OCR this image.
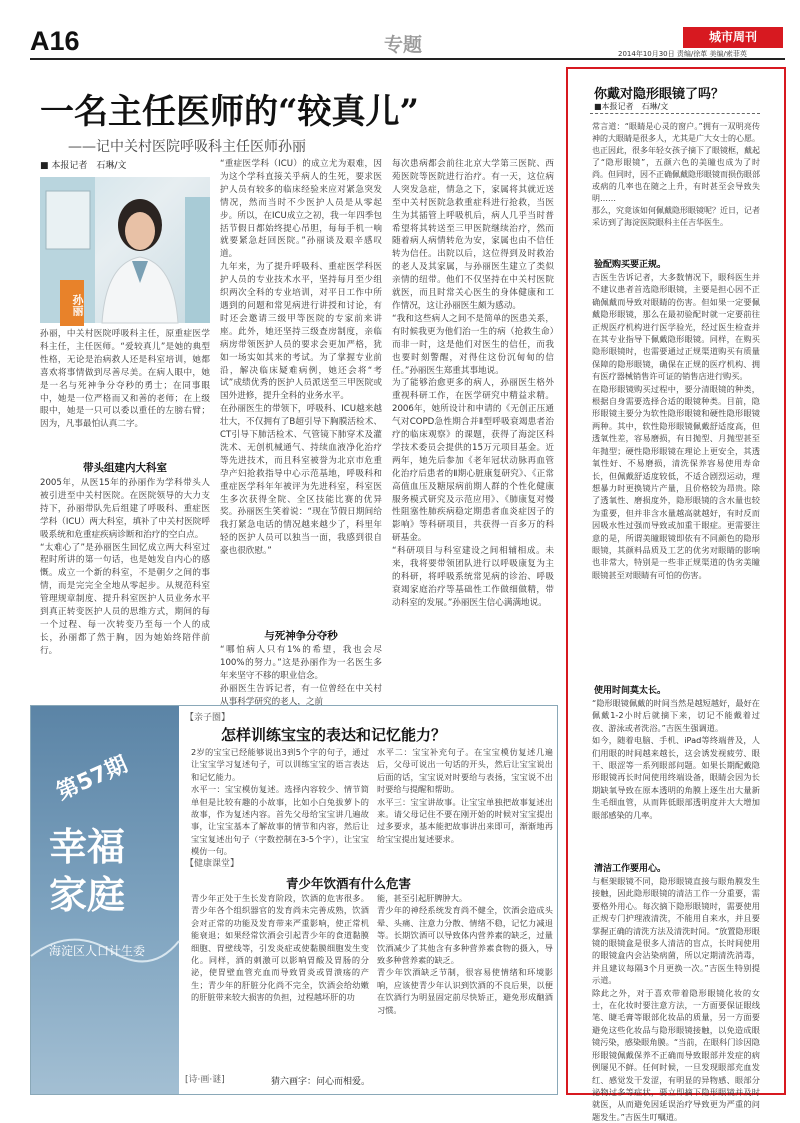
A16	专题	城市周刊
2014年10月30日 责编/徐革 美编/索菲英
一名主任医师的“较真儿”
——记中关村医院呼吸科主任医师孙丽
■ 本报记者　石琳/文
孙丽
孙丽，中关村医院呼吸科主任，原重症医学科主任，主任医师。“爱较真儿”是她的典型性格，无论是治病救人还是科室培训，她都喜欢将事情做到尽善尽美。在病人眼中，她是一名与死神争分夺秒的勇士；在同事眼中，她是一位严格而又和善的老师；在上级眼中，她是一只可以委以重任的左膀右臂；因为，凡事最怕认真二字。
带头组建内大科室
2005年，从医15年的孙丽作为学科带头人被引进至中关村医院。在医院领导的大力支持下，孙丽带队先后组建了呼吸科、重症医学科（ICU）两大科室，填补了中关村医院呼吸系统和危重症疾病诊断和治疗的空白点。
“太难心了”是孙丽医生回忆成立两大科室过程时所讲的第一句话，也是她发自内心的感慨。成立一个新的科室，不是朝夕之间的事情，而是完完全全地从零起步。从规范科室管理规章制度、提升科室医护人员业务水平到真正转变医护人员的思维方式，期间的每一个过程、每一次转变乃至每一个人的成长，孙丽都了然于胸，因为她始终陪伴前行。
“重症医学科（ICU）的成立尤为艰难，因为这个学科直接关乎病人的生死，要求医护人员有较多的临床经验来应对紧急突发情况，然而当时不少医护人员是从零起步。所以，在ICU成立之初，我一年四季包括节假日都始终提心吊胆，每每手机一响就要紧急赶回医院。”孙丽谈及艰辛感叹道。
九年来，为了提升呼吸科、重症医学科医护人员的专业技术水平，坚持每月至少组织两次全科的专业培训，对平日工作中所遇到的问题和常见病进行讲授和讨论，有时还会邀请三级甲等医院的专家前来讲座。此外，她还坚持三级查房制度，亲临病房带领医护人员的要求会更加严格，犹如一场实如其来的考试。为了掌握专业前沿，解决临床疑难病例，她还会将“考试”成绩优秀的医护人员派送至三甲医院或国外进修，提升全科的业务水平。
在孙丽医生的带领下，呼吸科、ICU越来越壮大，不仅拥有了B超引导下胸膜活检术、CT引导下肺活检术、气管镜下肺穿术及灌洗术、无创机械通气、持续血液净化治疗等先进技术，而且科室被誉为北京市危重孕产妇抢救指导中心示范基地，呼吸科和重症医学科年年被评为先进科室，科室医生多次获得全院、全区技能比赛的优异奖。孙丽医生笑着说：“现在节假日期间给我打紧急电话的情况越来越少了，科里年轻的医护人员可以独当一面，我感到很自豪也很欣慰。”
与死神争分夺秒
“哪怕病人只有1%的希望，我也会尽100%的努力。”这是孙丽作为一名医生多年来坚守不移的职业信念。
孙丽医生告诉记者，有一位曾经在中关村从事科学研究的老人，之前
每次患病都会前往北京大学第三医院、西苑医院等医院进行治疗。有一天，这位病人突发急症，情急之下，家属将其就近送至中关村医院急救重症科进行抢救，当医生为其插管上呼吸机后，病人几乎当时普希望将其转送至三甲医院继续治疗，然而随着病人病情转危为安，家属也由不信任转为信任。出院以后，这位得到及时救治的老人及其家属，与孙丽医生建立了类似亲情的纽带。他们不仅坚持在中关村医院就医，而且时常关心医生的身体健康和工作情况，这让孙丽医生颇为感动。
“我和这些病人之间不是简单的医患关系，有时候我更为他们治一生的病（抢救生命）而非一时，这是他们对医生的信任，而我也要时刻警醒，对得住这份沉甸甸的信任。”孙丽医生郑重其事地说。
为了能够治愈更多的病人，孙丽医生格外重视科研工作，在医学研究中精益求精。2006年，她所设计和申请的《无创正压通气对COPD急性期合并Ⅱ型呼吸衰竭患者治疗的临床观察》的课题，获得了海淀区科学技术委员会提供的15万元项目基金。近两年，她先后参加《老年冠状动脉再血管化治疗后患者的Ⅱ期心脏康复研究》、《正常高值血压及糖尿病前期人群的个性化健康服务模式研究及示范应用》、《肺康复对慢性阻塞性肺疾病稳定期患者血炎症因子的影响》等科研项目，共获得一百多万的科研基金。
“科研项目与科室建设之间相辅相成。未来，我将要带领团队进行以呼吸康复为主的科研，将呼吸系统常见病的诊治、呼吸衰竭家庭治疗等基础性工作做细做精，带动科室的发展。”孙丽医生信心满满地说。
第57期
幸福
家庭
海淀区人口计生委
【亲子圈】
怎样训练宝宝的表达和记忆能力？
2岁的宝宝已经能够说出3到5个字的句子，通过让宝宝学习复述句子，可以训练宝宝的语言表达和记忆能力。
水平一：宝宝模仿复述。选择内容较少、情节简单但是比较有趣的小故事，比如小白兔拔萝卜的故事，作为复述内容。首先父母给宝宝讲几遍故事，让宝宝基本了解故事的情节和内容，然后让宝宝复述出句子（字数控制在3-5个字），让宝宝模仿一句。
水平二：宝宝补充句子。在宝宝模仿复述几遍后，父母可说出一句话的开头，然后让宝宝说出后面的话，宝宝说对时要给与表扬，宝宝说不出时要给与提醒和帮助。
水平三：宝宝讲故事。让宝宝单独把故事复述出来。请父母记住不要在刚开始的时候对宝宝提出过多要求，基本能把故事讲出来即可，渐渐地再给宝宝提出复述要求。
【健康课堂】
青少年饮酒有什么危害
青少年正处于生长发育阶段，饮酒的危害很多。青少年各个组织器官的发育尚未完善成熟，饮酒会对正常的功能及发育带来严重影响，使正常机能衰退；如果经常饮酒会引起青少年的食道黏膜细胞、胃壁线等，引发炎症或使黏膜细胞发生变化。同样，酒的刺激可以影响胃酸及胃肠的分泌，使胃壁血管充血而导致胃炎或胃溃疡的产生；青少年的肝脏分化尚不完全，饮酒会给幼嫩的肝脏带来较大损害的负担，过程越坏肝的功
能，甚至引起肝脾肿大。
青少年的神经系统发育尚不健全，饮酒会造成头晕、头痛、注意力分散、情绪不稳，记忆力减退等。长期饮酒可以导致体内营养素的缺乏，过量饮酒减少了其他含有多种营养素食物的摄入，导致多种营养素的缺乏。
青少年饮酒缺乏节制，很容易使情绪和环境影响，应该使青少年认识到饮酒的不良后果，以便在饮酒行为明显固定前尽快矫正，避免形成酗酒习惯。
[诗·画·谜]	猜六画字：问心而相爱。
你戴对隐形眼镜了吗？
■本报记者　石琳/文
常言道：“眼睛是心灵的窗户。”拥有一双明亮传神的大眼睛是很多人，尤其是广大女士的心愿。也正因此，很多年轻女孩子摘下了眼镜框，戴起了“隐形眼镜”，五颜六色的美瞳也成为了时尚。但同时，因不正确佩戴隐形眼镜而损伤眼部或病的几率也在随之上升，有时甚至会导致失明……
那么，究竟该如何佩戴隐形眼镜呢？近日，记者采访到了海淀医院眼科主任吉华医生。
验配购买要正规。
吉医生告诉记者，大多数情况下，眼科医生并不建议患者首选隐形眼镜，主要是担心因不正确佩戴而导致对眼睛的伤害。但如果一定要佩戴隐形眼镜，那么在最初验配时就一定要前往正规医疗机构进行医学验光，经过医生检查并在其专业指导下佩戴隐形眼镜。同样，在购买隐形眼镜时，也需要通过正规渠道购买有质量保障的隐形眼镜，确保在正规的医疗机构、拥有医疗器械销售许可证的销售店进行购买。
在隐形眼镜购买过程中，要分清眼镜的种类，根据自身需要选择合适的眼镜种类。目前，隐形眼镜主要分为软性隐形眼镜和硬性隐形眼镜两种。其中，软性隐形眼镜佩戴舒适度高，但透氧性差，容易磨损，有日抛型、月抛型甚至年抛型；硬性隐形眼镜在理论上更安全，其透氧性好、不易磨损，清洗保养容易使用寿命长，但佩戴舒适度较低，不适合剧烈运动，理想暴力时更换镜片产量，且价格较为昂贵。除了透氧性、磨损度外，隐形眼镜的含水量也较为重要，但并非含水量越高就越好，有时反而因吸水性过强而导致或加重干眼症。更需要注意的是，所谓美瞳眼镜即依有不同颜色的隐形眼镜，其颜料品质及工艺的优劣对眼睛的影响也非常大，特别是一些非正规渠道的伪劣美瞳眼镜甚至对眼睛有可怕的伤害。
使用时间莫太长。
“隐形眼镜佩戴的时间当然是越短越好，最好在佩戴1-2小时后就摘下来，切记不能戴着过夜、游泳或者洗浴。”吉医生强调道。
如今，随着电脑、手机、iPad等终端普及，人们用眼的时间越来越长，这会诱发视疲劳、眼干、眼涩等一系列眼部问题。如果长期配戴隐形眼镜再长时间使用终端设备，眼睛会因为长期缺氧导致在原本透明的角膜上逐生出大量新生毛细血管，从而阵低眼部透明度并大大增加眼部感染的几率。
清洁工作要用心。
与框架眼镜不同，隐形眼镜直接与眼角膜发生接触，因此隐形眼镜的清洁工作一分重要，需要格外用心。每次摘下隐形眼镜时，需要使用正规专门护理液清洗，不能用自来水，并且要掌握正确的清洗方法及清洗时间。“放置隐形眼镜的眼镜盒是很多人清洁的盲点，长时间使用的眼镜盒内会沾染病菌，所以定期清洗消毒，并且建议每隔3个月更换一次。”吉医生特别提示道。
除此之外，对于喜欢带着隐形眼镜化妆的女士，在化妆时要注意方法，一方面要保证眼线笔、睫毛膏等眼部化妆品的质量，另一方面要避免这些化妆品与隐形眼镜接触，以免造成眼镜污染，感染眼角膜。“当前，在眼科门诊因隐形眼镜佩戴保养不正确而导致眼部并发症的病例屡见不鲜。任何时候，一旦发现眼部充血发红、感觉发干发涩，有明显的异物感、眼部分泌物过多等症状，要立即摘下隐形眼镜并及时就医，从而避免因延误治疗导致更为严重的问题发生。”吉医生叮嘱道。
